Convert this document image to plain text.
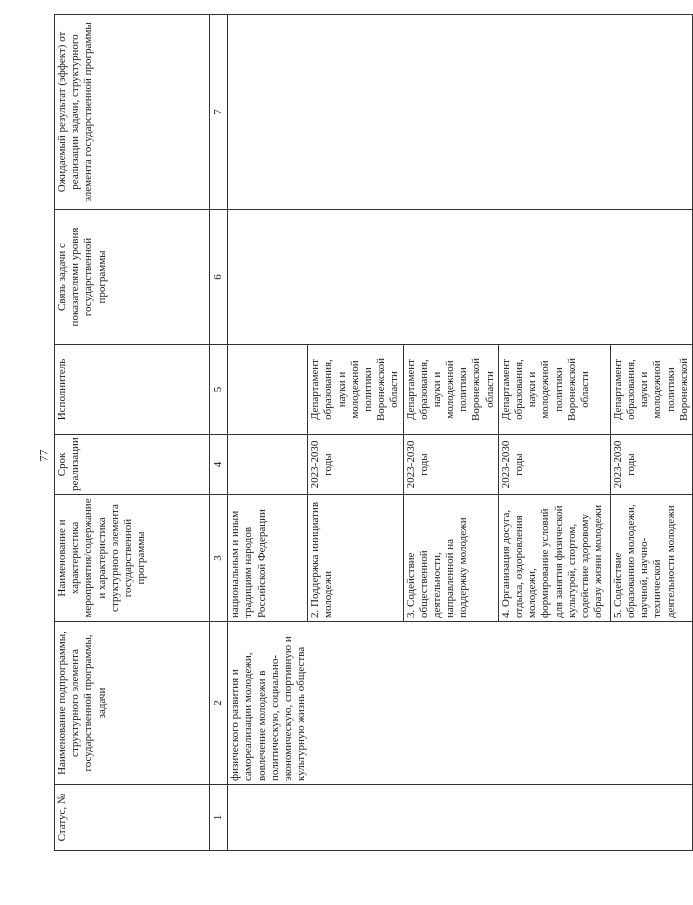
77
Статус, №	Наименование подпрограммы, структурного элемента государственной программы, задачи	Наименование и характеристика мероприятия/содержание и характеристика структурного элемента государственной программы	Срок реализации	Исполнитель	Связь задачи с показателями уровня государственной программы	Ожидаемый результат (эффект) от реализации задачи, структурного элемента государственной программы
1	2	3	4	5	6	7
	физического развития и самореализации молодежи, вовлечение молодежи в политическую, социально-экономическую, спортивную и культурную жизнь общества	национальным и иным традициям народов Российской Федерации				
		2. Поддержка инициатив молодежи	2023-2030 годы	Департамент образования, науки и молодежной политики Воронежской области		
		3. Содействие общественной деятельности, направленной на поддержку молодежи	2023-2030 годы	Департамент образования, науки и молодежной политики Воронежской области		
		4. Организация досуга, отдыха, оздоровления молодежи, формирование условий для занятия физической культурой, спортом, содействие здоровому образу жизни молодежи	2023-2030 годы	Департамент образования, науки и молодежной политики Воронежской области		
		5. Содействие образованию молодежи, научной, научно-технической деятельности молодежи	2023-2030 годы	Департамент образования, науки и молодежной политики Воронежской		
